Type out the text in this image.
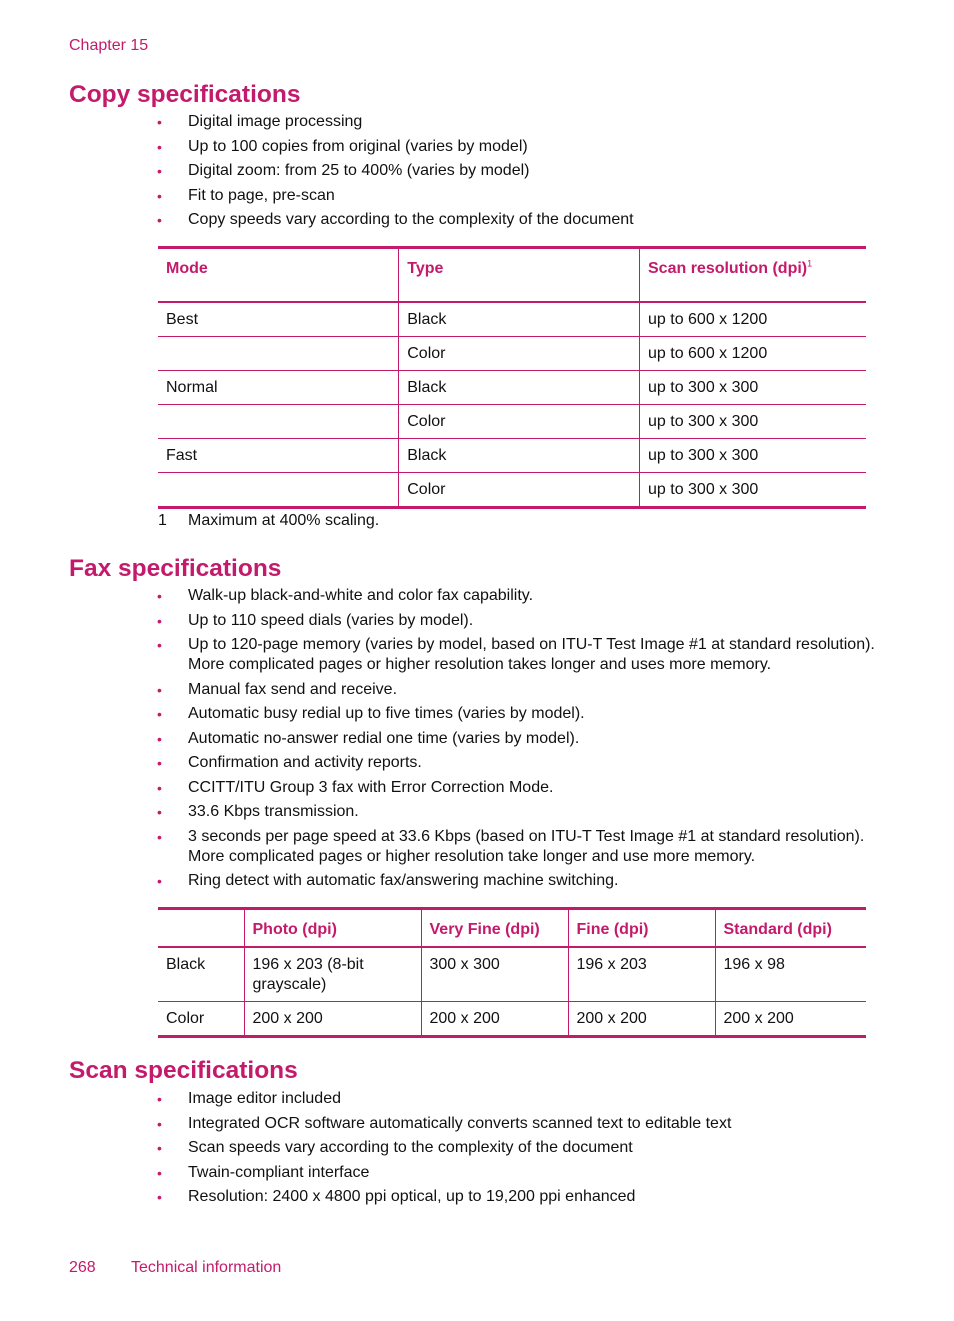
Chapter 15
Copy specifications
• Digital image processing
• Up to 100 copies from original (varies by model)
• Digital zoom: from 25 to 400% (varies by model)
• Fit to page, pre-scan
• Copy speeds vary according to the complexity of the document
Mode	Type	Scan resolution (dpi)$^1$
Best	Black	up to 600 x 1200
	Color	up to 600 x 1200
Normal	Black	up to 300 x 300
	Color	up to 300 x 300
Fast	Black	up to 300 x 300
	Color	up to 300 x 300
1 Maximum at 400% scaling.
Fax specifications
• Walk-up black-and-white and color fax capability.
• Up to 110 speed dials (varies by model).
• Up to 120-page memory (varies by model, based on ITU-T Test Image #1 at standard resolution). More complicated pages or higher resolution takes longer and uses more memory.
• Manual fax send and receive.
• Automatic busy redial up to five times (varies by model).
• Automatic no-answer redial one time (varies by model).
• Confirmation and activity reports.
• CCITT/ITU Group 3 fax with Error Correction Mode.
• 33.6 Kbps transmission.
• 3 seconds per page speed at 33.6 Kbps (based on ITU-T Test Image #1 at standard resolution). More complicated pages or higher resolution take longer and use more memory.
• Ring detect with automatic fax/answering machine switching.
	Photo (dpi)	Very Fine (dpi)	Fine (dpi)	Standard (dpi)
Black	196 x 203 (8-bit grayscale)	300 x 300	196 x 203	196 x 98
Color	200 x 200	200 x 200	200 x 200	200 x 200
Scan specifications
• Image editor included
• Integrated OCR software automatically converts scanned text to editable text
• Scan speeds vary according to the complexity of the document
• Twain-compliant interface
• Resolution: 2400 x 4800 ppi optical, up to 19,200 ppi enhanced
268 Technical information
